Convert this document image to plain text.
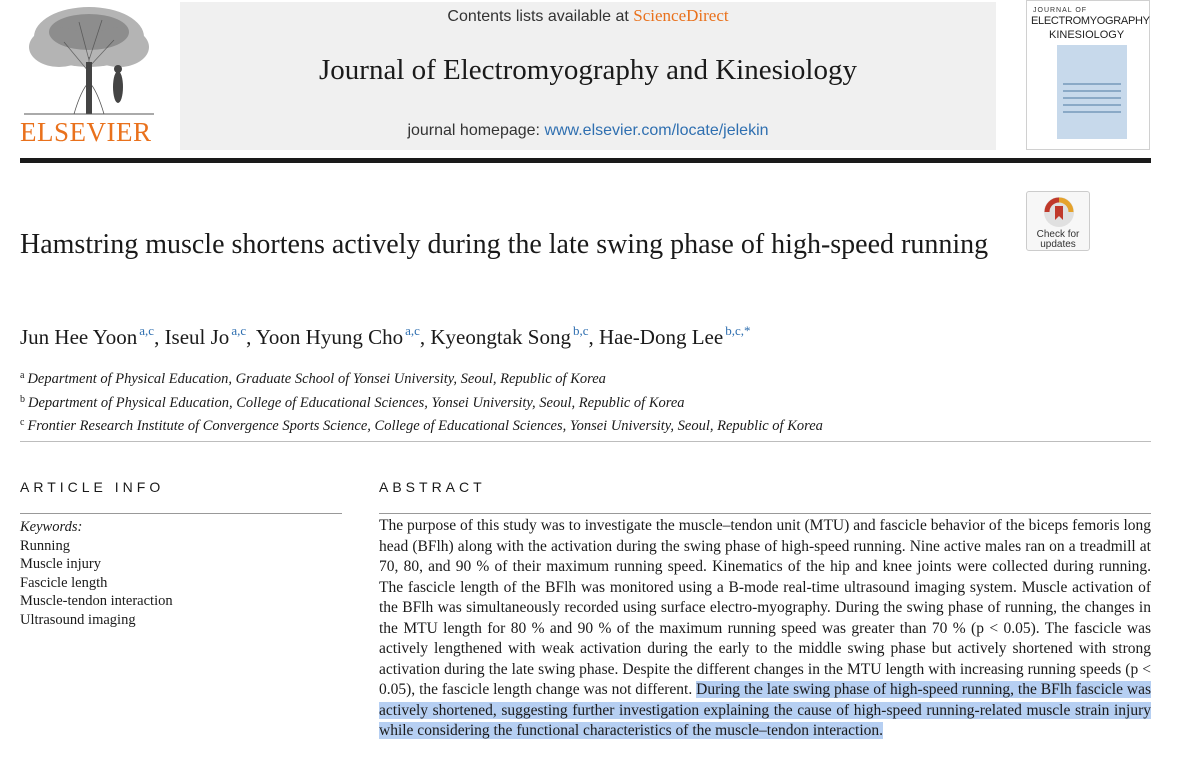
ELSEVIER
Contents lists available at ScienceDirect
Journal of Electromyography and Kinesiology
journal homepage: www.elsevier.com/locate/jelekin
JOURNAL OF
ELECTROMYOGRAPHY
KINESIOLOGY
Check for
updates
Hamstring muscle shortens actively during the late swing phase of high-speed running
Jun Hee Yoon $^{a,c}$, Iseul Jo $^{a,c}$, Yoon Hyung Cho $^{a,c}$, Kyeongtak Song $^{b,c}$, Hae-Dong Lee $^{b,c,*}$
$^a$ Department of Physical Education, Graduate School of Yonsei University, Seoul, Republic of Korea
$^b$ Department of Physical Education, College of Educational Sciences, Yonsei University, Seoul, Republic of Korea
$^c$ Frontier Research Institute of Convergence Sports Science, College of Educational Sciences, Yonsei University, Seoul, Republic of Korea
ARTICLE INFO	ABSTRACT
Keywords:
Running
Muscle injury
Fascicle length
Muscle-tendon interaction
Ultrasound imaging
The purpose of this study was to investigate the muscle–tendon unit (MTU) and fascicle behavior of the biceps femoris long head (BFlh) along with the activation during the swing phase of high-speed running. Nine active males ran on a treadmill at 70, 80, and 90 % of their maximum running speed. Kinematics of the hip and knee joints were collected during running. The fascicle length of the BFlh was monitored using a B-mode real-time ultrasound imaging system. Muscle activation of the BFlh was simultaneously recorded using surface electro-myography. During the swing phase of running, the changes in the MTU length for 80 % and 90 % of the maximum running speed was greater than 70 % (p < 0.05). The fascicle was actively lengthened with weak activation during the early to the middle swing phase but actively shortened with strong activation during the late swing phase. Despite the different changes in the MTU length with increasing running speeds (p < 0.05), the fascicle length change was not different. During the late swing phase of high-speed running, the BFlh fascicle was actively shortened, suggesting further investigation explaining the cause of high-speed running-related muscle strain injury while considering the functional characteristics of the muscle–tendon interaction.
